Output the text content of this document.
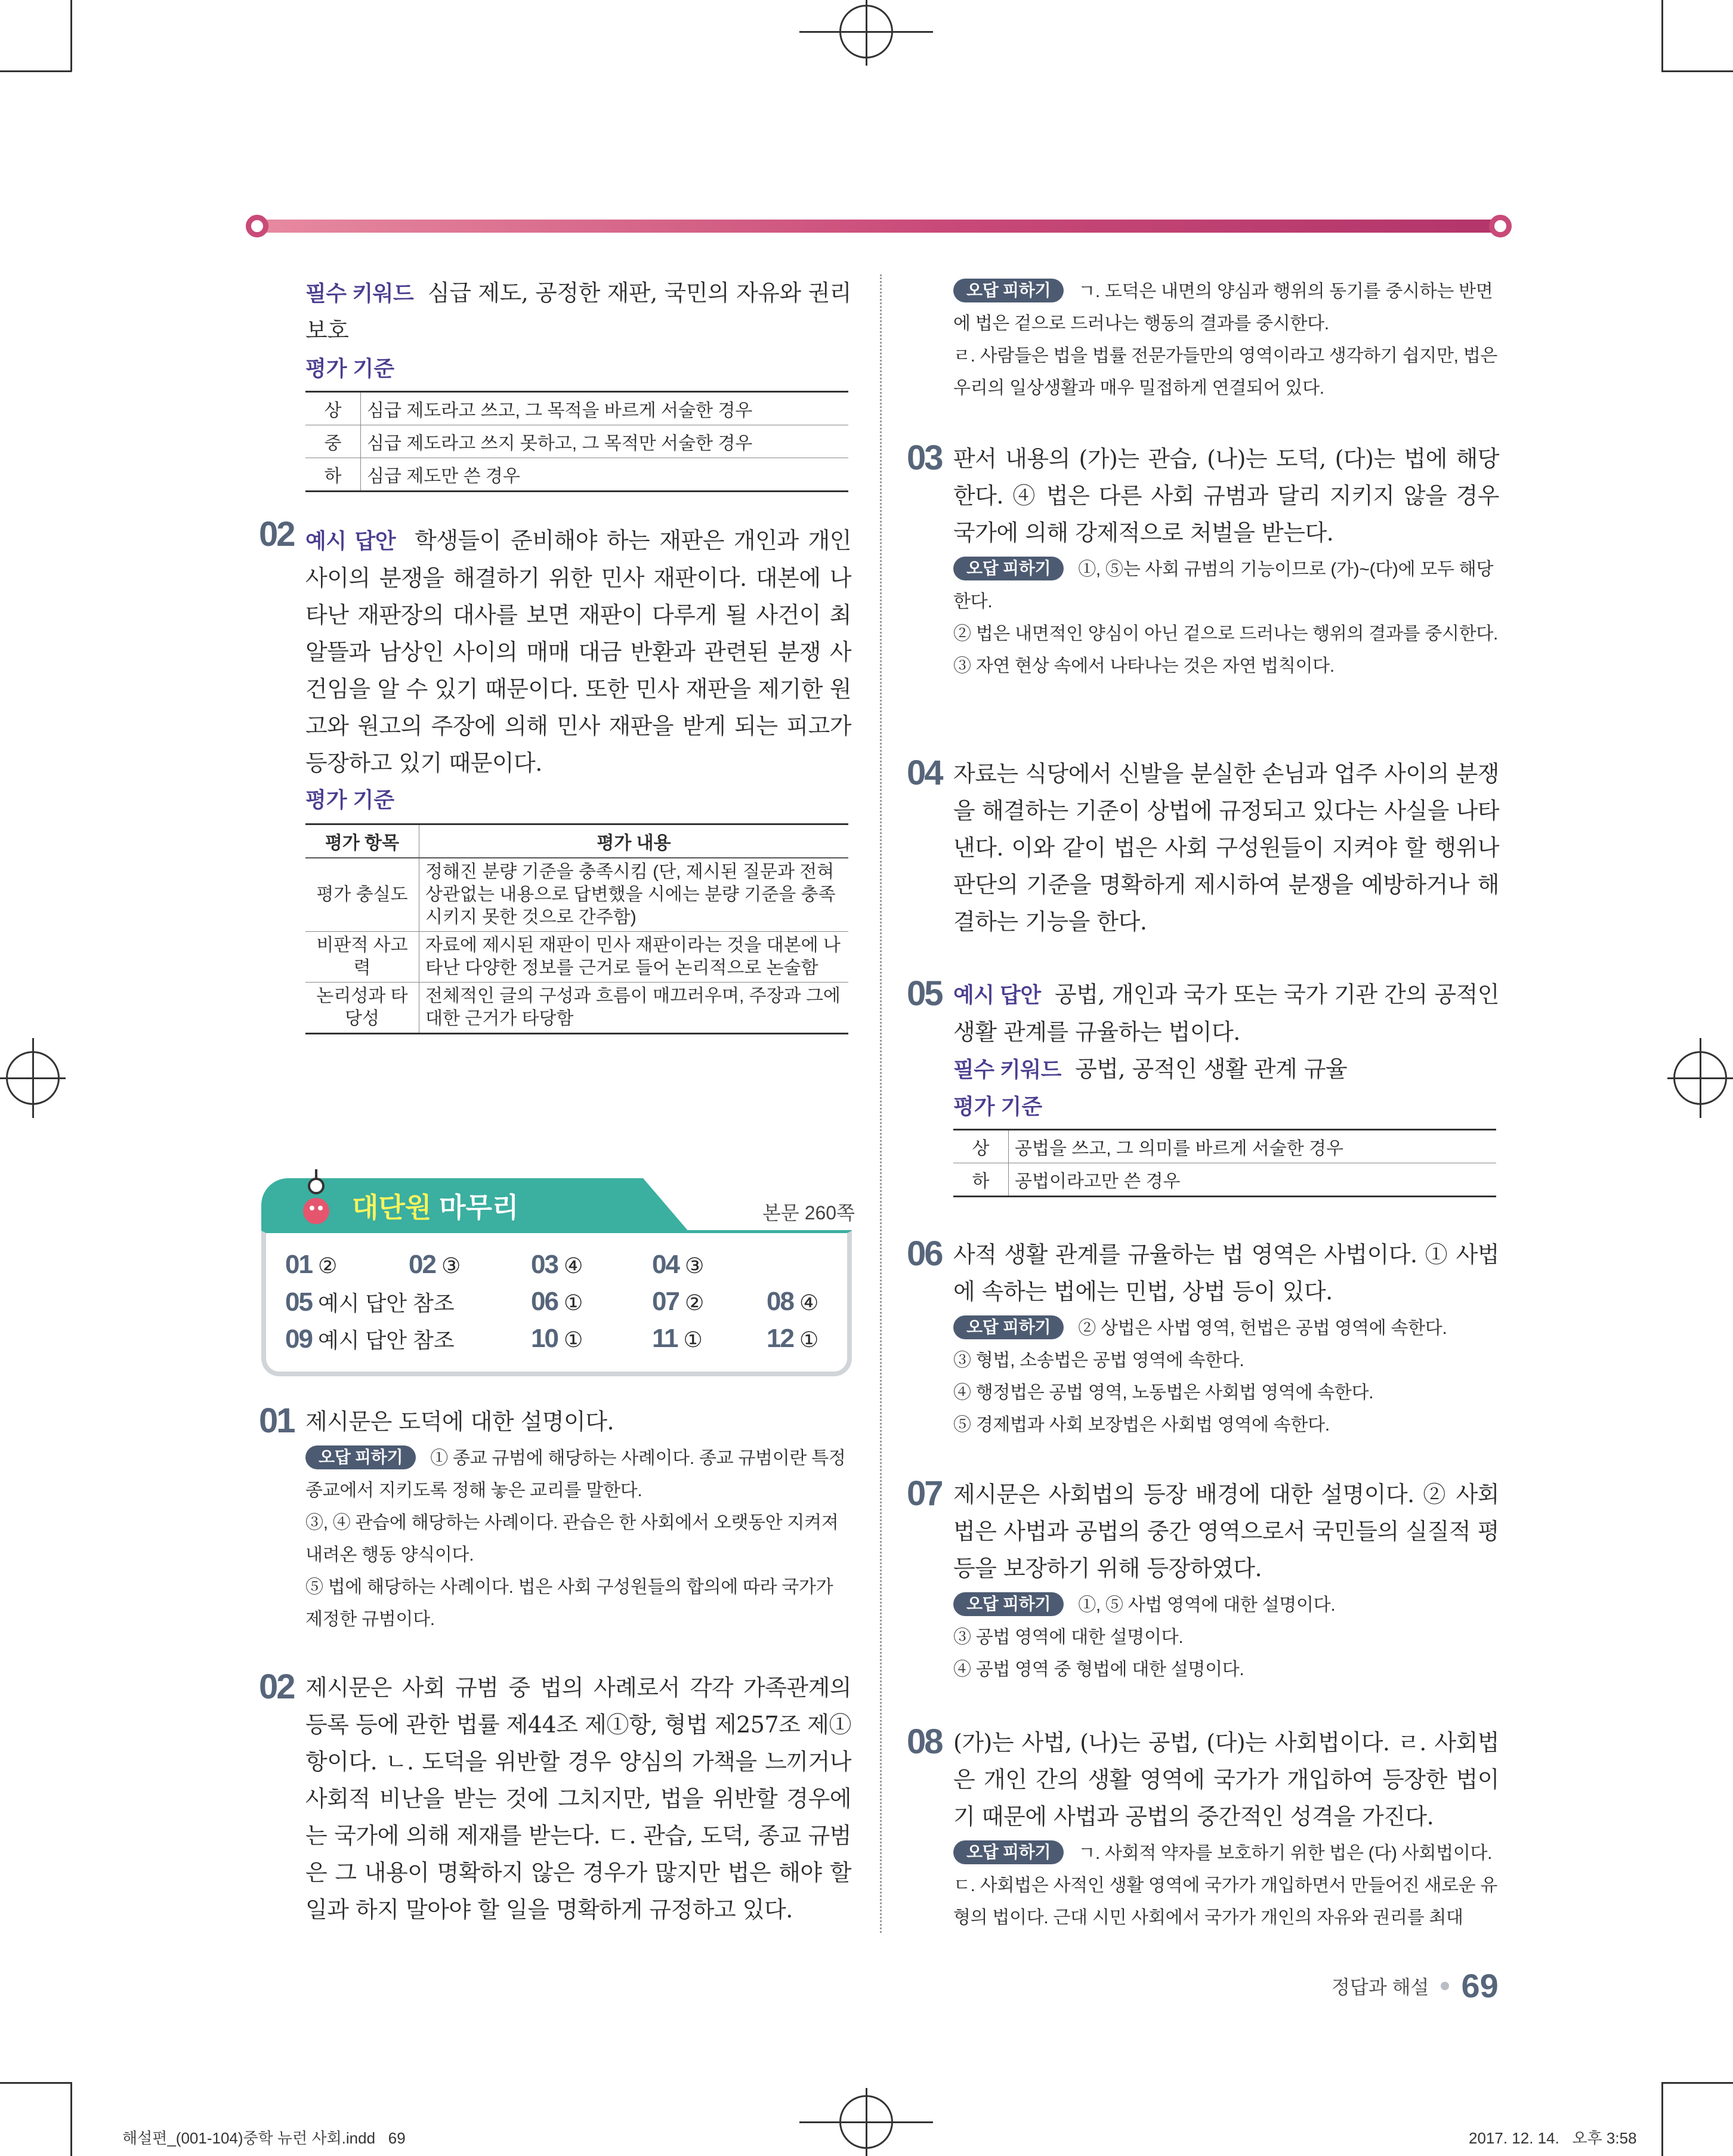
필수 키워드 심급 제도, 공정한 재판, 국민의 자유와 권리 보호

평가 기준

상	심급 제도라고 쓰고, 그 목적을 바르게 서술한 경우
중	심급 제도라고 쓰지 못하고, 그 목적만 서술한 경우
하	심급 제도만 쓴 경우

예시 답안 학생들이 준비해야 하는 재판은 개인과 개인 사이의 분쟁을 해결하기 위한 민사 재판이다. 대본에 나타난 재판장의 대사를 보면 재판이 다루게 될 사건이 최알뜰과 남상인 사이의 매매 대금 반환과 관련된 분쟁 사건임을 알 수 있기 때문이다. 또한 민사 재판을 제기한 원고와 원고의 주장에 의해 민사 재판을 받게 되는 피고가 등장하고 있기 때문이다.

평가 기준

평가 항목	평가 내용
평가 충실도	정해진 분량 기준을 충족시킴 (단, 제시된 질문과 전혀 상관없는 내용으로 답변했을 시에는 분량 기준을 충족시키지 못한 것으로 간주함)
비판적 사고력	자료에 제시된 재판이 민사 재판이라는 것을 대본에 나타난 다양한 정보를 근거로 들어 논리적으로 논술함
논리성과 타당성	전체적인 글의 구성과 흐름이 매끄러우며, 주장과 그에 대한 근거가 타당함
02
대단원 마무리	본문 260쪽
01 ②	02 ③	03 ④	04 ③
05 예시 답안 참조	06 ①	07 ② 08 ④
09 예시 답안 참조	10 ①	11 ① 12 ①
01 제시문은 도덕에 대한 설명이다.

오답 피하기 ① 종교 규범에 해당하는 사례이다. 종교 규범이란 특정 종교에서 지키도록 정해 놓은 교리를 말한다.

③, ④ 관습에 해당하는 사례이다. 관습은 한 사회에서 오랫동안 지켜져 내려온 행동 양식이다.

⑤ 법에 해당하는 사례이다. 법은 사회 구성원들의 합의에 따라 국가가 제정한 규범이다.

02 제시문은 사회 규범 중 법의 사례로서 각각 가족관계의 등록 등에 관한 법률 제44조 제①항, 형법 제257조 제①항이다. ㄴ. 도덕을 위반할 경우 양심의 가책을 느끼거나 사회적 비난을 받는 것에 그치지만, 법을 위반할 경우에는 국가에 의해 제재를 받는다. ㄷ. 관습, 도덕, 종교 규범은 그 내용이 명확하지 않은 경우가 많지만 법은 해야 할 일과 하지 말아야 할 일을 명확하게 규정하고 있다.

오답 피하기 ㄱ. 도덕은 내면의 양심과 행위의 동기를 중시하는 반면에 법은 겉으로 드러나는 행동의 결과를 중시한다.

ㄹ. 사람들은 법을 법률 전문가들만의 영역이라고 생각하기 쉽지만, 법은 우리의 일상생활과 매우 밀접하게 연결되어 있다.

03 판서 내용의 (가)는 관습, (나)는 도덕, (다)는 법에 해당한다. ④ 법은 다른 사회 규범과 달리 지키지 않을 경우 국가에 의해 강제적으로 처벌을 받는다.

오답 피하기 ①, ⑤는 사회 규범의 기능이므로 (가)~(다)에 모두 해당한다.

② 법은 내면적인 양심이 아닌 겉으로 드러나는 행위의 결과를 중시한다.

③ 자연 현상 속에서 나타나는 것은 자연 법칙이다.

04 자료는 식당에서 신발을 분실한 손님과 업주 사이의 분쟁을 해결하는 기준이 상법에 규정되고 있다는 사실을 나타낸다. 이와 같이 법은 사회 구성원들이 지켜야 할 행위나 판단의 기준을 명확하게 제시하여 분쟁을 예방하거나 해결하는 기능을 한다.

05 예시 답안 공법, 개인과 국가 또는 국가 기관 간의 공적인 생활 관계를 규율하는 법이다.

필수 키워드 공법, 공적인 생활 관계 규율

평가 기준

상	공법을 쓰고, 그 의미를 바르게 서술한 경우
하	공법이라고만 쓴 경우
06 사적 생활 관계를 규율하는 법 영역은 사법이다. ① 사법에 속하는 법에는 민법, 상법 등이 있다.

오답 피하기 ② 상법은 사법 영역, 헌법은 공법 영역에 속한다.

③ 형법, 소송법은 공법 영역에 속한다.

④ 행정법은 공법 영역, 노동법은 사회법 영역에 속한다.

⑤ 경제법과 사회 보장법은 사회법 영역에 속한다.

07 제시문은 사회법의 등장 배경에 대한 설명이다. ② 사회법은 사법과 공법의 중간 영역으로서 국민들의 실질적 평등을 보장하기 위해 등장하였다.

오답 피하기 ①, ⑤ 사법 영역에 대한 설명이다.

③ 공법 영역에 대한 설명이다.

④ 공법 영역 중 형법에 대한 설명이다.

08 (가)는 사법, (나)는 공법, (다)는 사회법이다. ㄹ. 사회법은 개인 간의 생활 영역에 국가가 개입하여 등장한 법이기 때문에 사법과 공법의 중간적인 성격을 가진다.

오답 피하기 ㄱ. 사회적 약자를 보호하기 위한 법은 (다) 사회법이다.

ㄷ. 사회법은 사적인 생활 영역에 국가가 개입하면서 만들어진 새로운 유형의 법이다. 근대 시민 사회에서 국가가 개인의 자유와 권리를 최대

정답과 해설 69
해설편_(001-104)중학 뉴런 사회.indd   69	2017. 12. 14.   오후 3:58
